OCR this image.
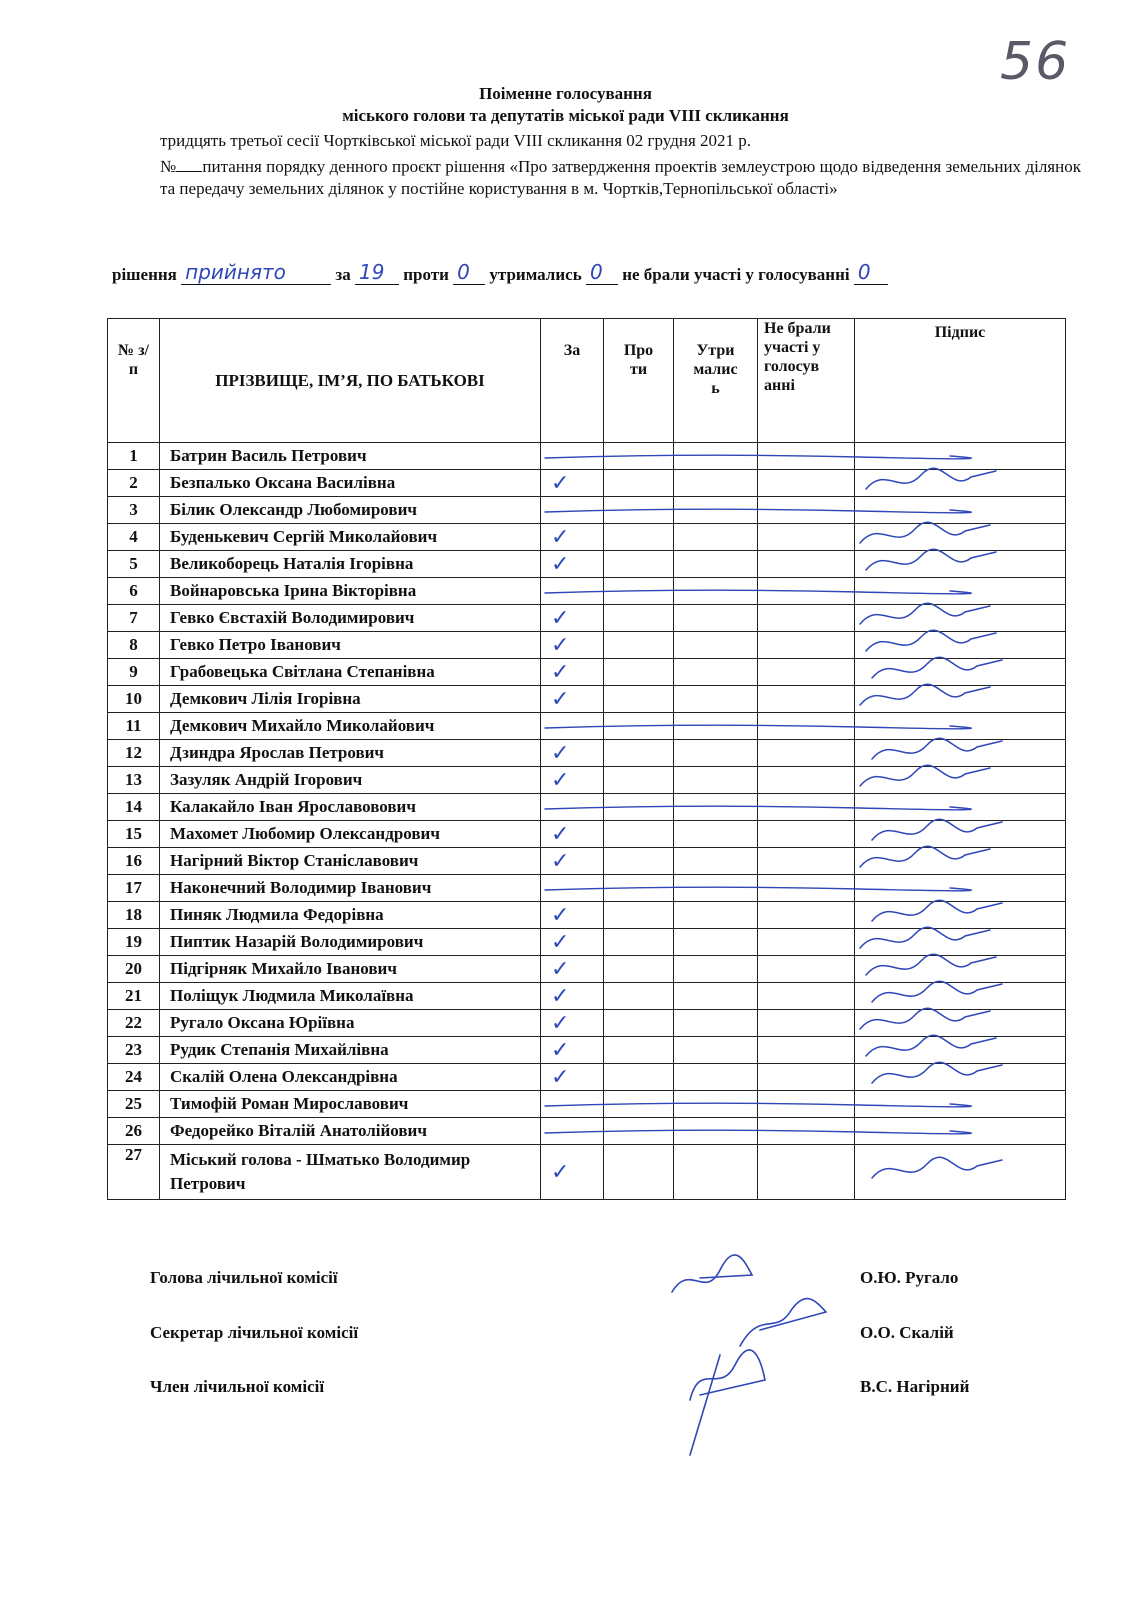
56
Поіменне голосування
міського голови та депутатів міської ради VIII скликання
тридцять третьої сесії Чортківської міської ради VIII скликання 02 грудня 2021 р.
№ питання порядку денного проєкт рішення «Про затвердження проектів землеустрою щодо відведення земельних ділянок та передачу земельних ділянок у постійне користування в м. Чортків,Тернопільської області»
рішення прийнято	за 19 проти 0 утримались 0 не брали участі у голосуванні 0
№ з/п	ПРІЗВИЩЕ, ІМ’Я, ПО БАТЬКОВІ	За	Про ти	Утри малис ь	Не брали участі у голосув анні	Підпис
1	Батрин Василь Петрович					
2	Безпалько Оксана Василівна	✓				
3	Білик Олександр Любомирович					
4	Буденькевич Сергій Миколайович	✓				
5	Великоборець Наталія Ігорівна	✓				
6	Войнаровська Ірина Вікторівна					
7	Гевко Євстахій Володимирович	✓				
8	Гевко Петро Іванович	✓				
9	Грабовецька Світлана Степанівна	✓				
10	Демкович Лілія Ігорівна	✓				
11	Демкович Михайло Миколайович					
12	Дзиндра Ярослав Петрович	✓				
13	Зазуляк Андрій Ігорович	✓				
14	Калакайло Іван Ярославовович					
15	Махомет Любомир Олександрович	✓				
16	Нагірний Віктор Станіславович	✓				
17	Наконечний Володимир Іванович					
18	Пиняк Людмила Федорівна	✓				
19	Пиптик Назарій Володимирович	✓				
20	Підгірняк Михайло Іванович	✓				
21	Поліщук Людмила Миколаївна	✓				
22	Ругало Оксана Юріївна	✓				
23	Рудик Степанія Михайлівна	✓				
24	Скалій Олена Олександрівна	✓				
25	Тимофій Роман Мирославович					
26	Федорейко Віталій Анатолійович					
27	Міський голова - Шматько Володимир Петрович	✓				
Голова лічильної комісії	О.Ю. Ругало
Секретар лічильної комісії	О.О. Скалій
Член лічильної комісії	В.С. Нагірний
